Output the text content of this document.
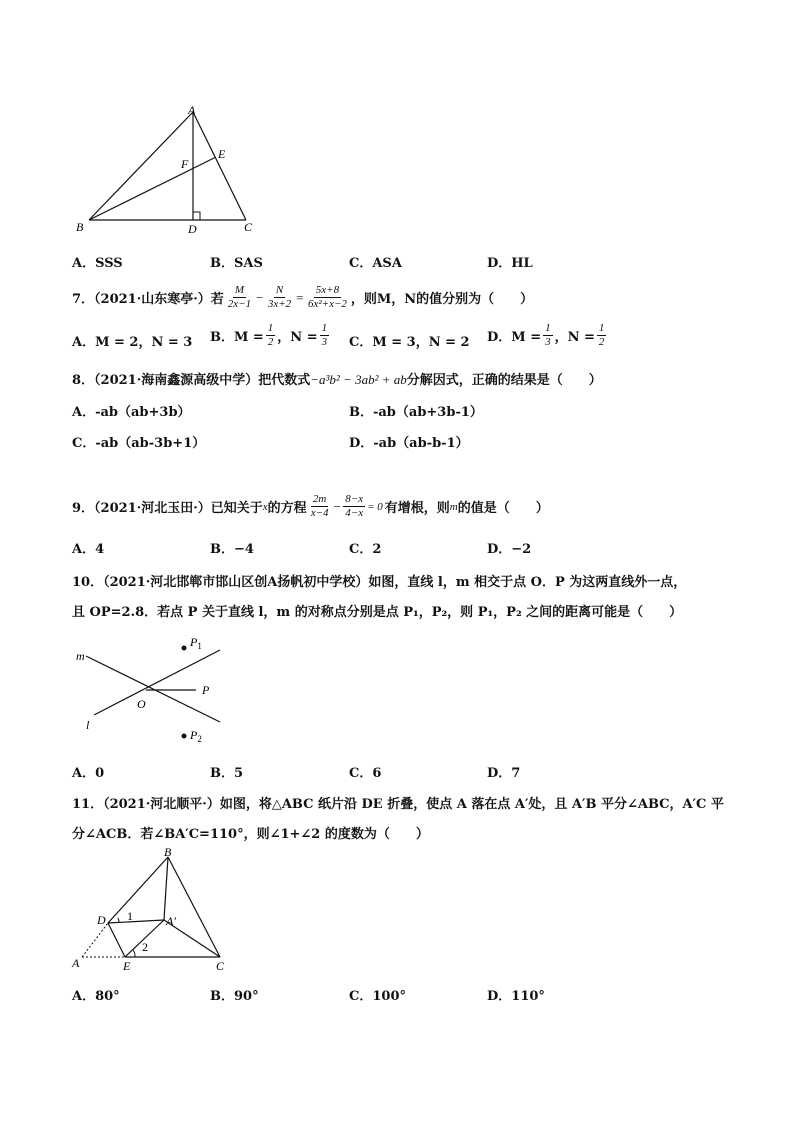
A
B	C
D
E
F
A．SSS	B．SAS	C．ASA	D．HL
7．（2021·山东寒亭·）若 $\frac{M}{2x-1} - \frac{N}{3x+2} = \frac{5x+8}{\text{6x²+x−2}}$ ，则M，N的值分别为（　　）
A．M = 2，N = 3 B．$M = \frac{1}{2}$ ，$N = \frac{1}{3}$ C．M = 3，N = 2 D．$M = \frac{1}{3}$ ，$N = \frac{1}{2}$
8．（2021·海南鑫源高级中学）把代数式−a³b² − 3ab² + ab分解因式，正确的结果是（　　）
A．-ab（ab+3b）	B．-ab（ab+3b-1）
C．-ab（ab-3b+1）	D．-ab（ab-b-1）
9．（2021·河北玉田·）已知关于 x 的方程 $\frac{2m}{x-4} - \frac{8-x}{4-x} = 0$ 有增根，则 m 的值是（　　）
A．4	B．−4	C．2	D．−2
10．（2021·河北邯郸市邯山区创A扬帆初中学校）如图，直线 l，m 相交于点 O．P 为这两直线外一点，
且 OP=2.8．若点 P 关于直线 l，m 的对称点分别是点 P₁，P₂，则 P₁，P₂ 之间的距离可能是（　　）
m
l
O
P
$P_1$
$P_2$
A．0	B．5	C．6	D．7
11．（2021·河北顺平·）如图，将△ABC 纸片沿 DE 折叠，使点 A 落在点 A′处，且 A′B 平分∠ABC，A′C 平
分∠ACB．若∠BA′C=110°，则∠1+∠2 的度数为（　　）
B
D	A′
1
2
A	E	C
A．80°	B．90°	C．100°	D．110°
